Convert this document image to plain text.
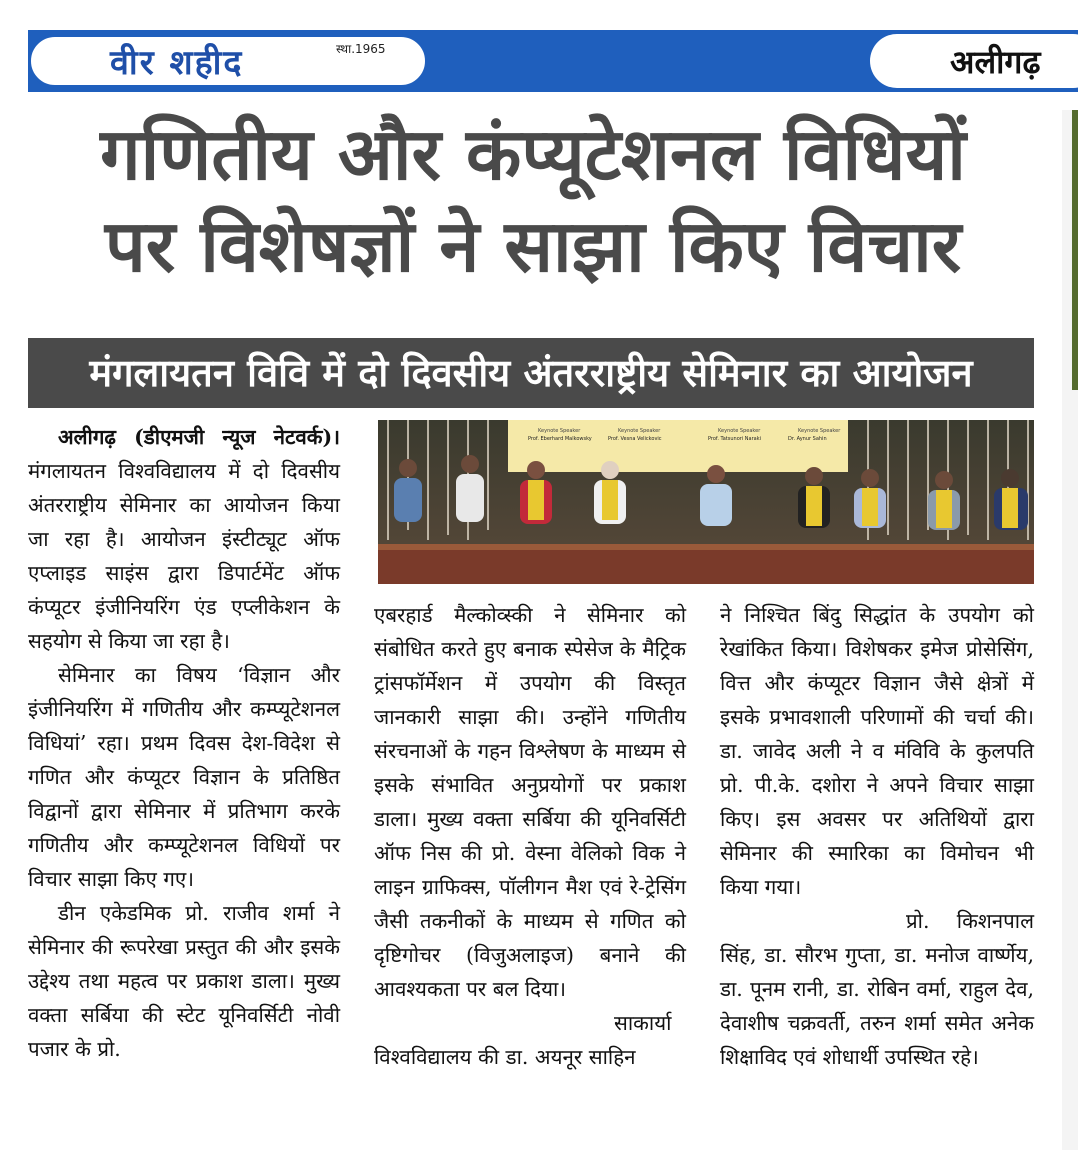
वीर शहीद	स्था.1965	अलीगढ़
गणितीय और कंप्यूटेशनल विधियों
पर विशेषज्ञों ने साझा किए विचार
मंगलायतन विवि में दो दिवसीय अंतरराष्ट्रीय सेमिनार का आयोजन

अलीगढ़ (डीएमजी न्यूज नेटवर्क)। मंगलायतन विश्वविद्यालय में दो दिवसीय अंतरराष्ट्रीय सेमिनार का आयोजन किया जा रहा है। आयोजन इंस्टीट्यूट ऑफ एप्लाइड साइंस द्वारा डिपार्टमेंट ऑफ कंप्यूटर इंजीनियरिंग एंड एप्लीकेशन के सहयोग से किया जा रहा है।

सेमिनार का विषय ‘विज्ञान और इंजीनियरिंग में गणितीय और कम्प्यूटेशनल विधियां’ रहा। प्रथम दिवस देश-विदेश से गणित और कंप्यूटर विज्ञान के प्रतिष्ठित विद्वानों द्वारा सेमिनार में प्रतिभाग करके गणितीय और कम्प्यूटेशनल विधियों पर विचार साझा किए गए।

डीन एकेडमिक प्रो. राजीव शर्मा ने सेमिनार की रूपरेखा प्रस्तुत की और इसके उद्देश्य तथा महत्व पर प्रकाश डाला। मुख्य वक्ता सर्बिया की स्टेट यूनिवर्सिटी नोवी पजार के प्रो.

Keynote Speaker
Prof. Eberhard Malkowsky
Keynote Speaker
Prof. Vesna Velickovic
Keynote Speaker
Prof. Tatsunori Naraki
Keynote Speaker
Dr. Aynur Sahin

एबरहार्ड मैल्कोव्स्की ने सेमिनार को संबोधित करते हुए बनाक स्पेसेज के मैट्रिक ट्रांसफॉर्मेशन में उपयोग की विस्तृत जानकारी साझा की। उन्होंने गणितीय संरचनाओं के गहन विश्लेषण के माध्यम से इसके संभावित अनुप्रयोगों पर प्रकाश डाला। मुख्य वक्ता सर्बिया की यूनिवर्सिटी ऑफ निस की प्रो. वेस्ना वेलिको विक ने लाइन ग्राफिक्स, पॉलीगन मैश एवं रे-ट्रेसिंग जैसी तकनीकों के माध्यम से गणित को दृष्टिगोचर (विजुअलाइज) बनाने की आवश्यकता पर बल दिया।

साकार्या विश्वविद्यालय की डा. अयनूर साहिन

ने निश्चित बिंदु सिद्धांत के उपयोग को रेखांकित किया। विशेषकर इमेज प्रोसेसिंग, वित्त और कंप्यूटर विज्ञान जैसे क्षेत्रों में इसके प्रभावशाली परिणामों की चर्चा की। डा. जावेद अली ने व मंविवि के कुलपति प्रो. पी.के. दशोरा ने अपने विचार साझा किए। इस अवसर पर अतिथियों द्वारा सेमिनार की स्मारिका का विमोचन भी किया गया।

प्रो. किशनपाल सिंह, डा. सौरभ गुप्ता, डा. मनोज वार्ष्णेय, डा. पूनम रानी, डा. रोबिन वर्मा, राहुल देव, देवाशीष चक्रवर्ती, तरुन शर्मा समेत अनेक शिक्षाविद एवं शोधार्थी उपस्थित रहे।
